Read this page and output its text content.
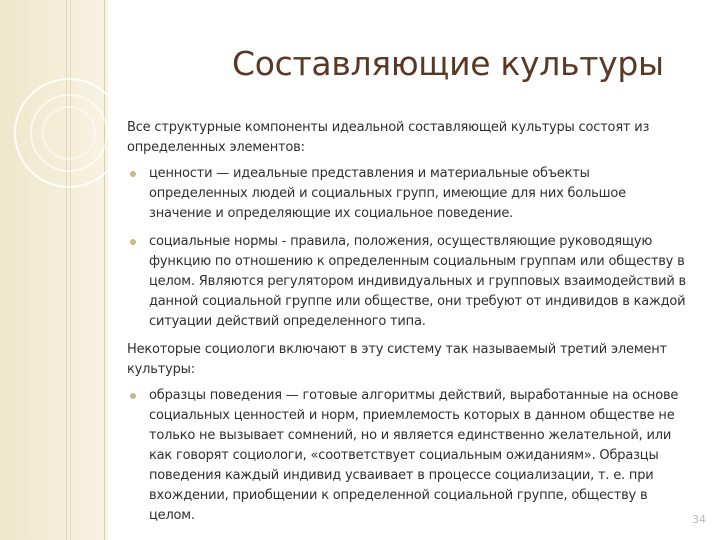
Составляющие культуры

Все структурные компоненты идеальной составляющей культуры состоят из определенных элементов:

ценности — идеальные представления и материальные объекты определенных людей и социальных групп, имеющие для них большое значение и определяющие их социальное поведение.
социальные нормы - правила, положения, осуществляющие руководящую функцию по отношению к определенным социальным группам или обществу в целом. Являются регулятором индивидуальных и групповых взаимодействий в данной социальной группе или обществе, они требуют от индивидов в каждой ситуации действий определенного типа.

Некоторые социологи включают в эту систему так называемый третий элемент культуры:

образцы поведения — готовые алгоритмы действий, выработанные на основе социальных ценностей и норм, приемлемость которых в данном обществе не только не вызывает сомнений, но и является единственно желательной, или как говорят социологи, «соответствует социальным ожиданиям». Образцы поведения каждый индивид усваивает в процессе социализации, т. е. при вхождении, приобщении к определенной социальной группе, обществу в целом.	34
